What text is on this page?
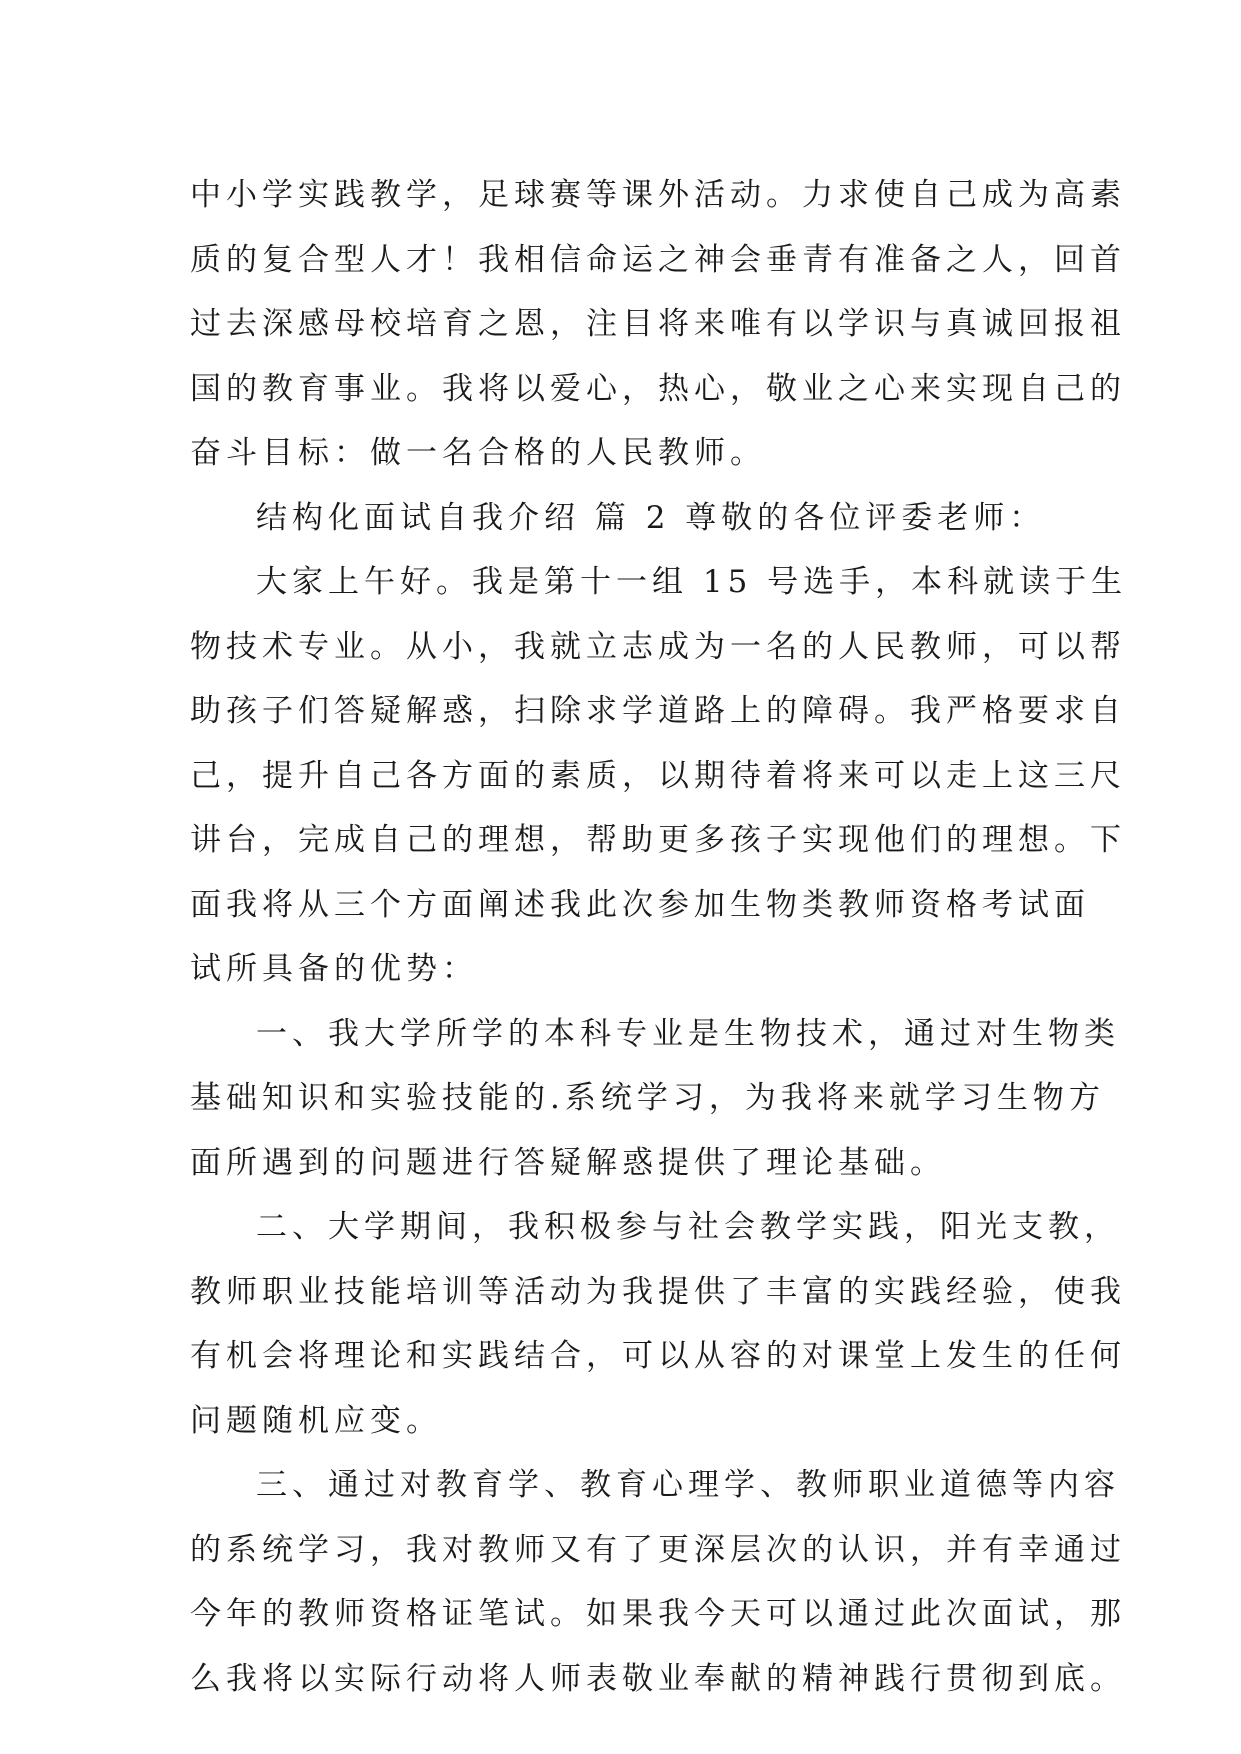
中小学实践教学，足球赛等课外活动。力求使自己成为高素
质的复合型人才！我相信命运之神会垂青有准备之人，回首
过去深感母校培育之恩，注目将来唯有以学识与真诚回报祖
国的教育事业。我将以爱心，热心，敬业之心来实现自己的
奋斗目标：做一名合格的人民教师。
结构化面试自我介绍 篇 2 尊敬的各位评委老师：
大家上午好。我是第十一组 15 号选手，本科就读于生
物技术专业。从小，我就立志成为一名的人民教师，可以帮
助孩子们答疑解惑，扫除求学道路上的障碍。我严格要求自
己，提升自己各方面的素质，以期待着将来可以走上这三尺
讲台，完成自己的理想，帮助更多孩子实现他们的理想。下
面我将从三个方面阐述我此次参加生物类教师资格考试面
试所具备的优势：
一、我大学所学的本科专业是生物技术，通过对生物类
基础知识和实验技能的.系统学习，为我将来就学习生物方
面所遇到的问题进行答疑解惑提供了理论基础。
二、大学期间，我积极参与社会教学实践，阳光支教，
教师职业技能培训等活动为我提供了丰富的实践经验，使我
有机会将理论和实践结合，可以从容的对课堂上发生的任何
问题随机应变。
三、通过对教育学、教育心理学、教师职业道德等内容
的系统学习，我对教师又有了更深层次的认识，并有幸通过
今年的教师资格证笔试。如果我今天可以通过此次面试，那
么我将以实际行动将人师表敬业奉献的精神践行贯彻到底。
